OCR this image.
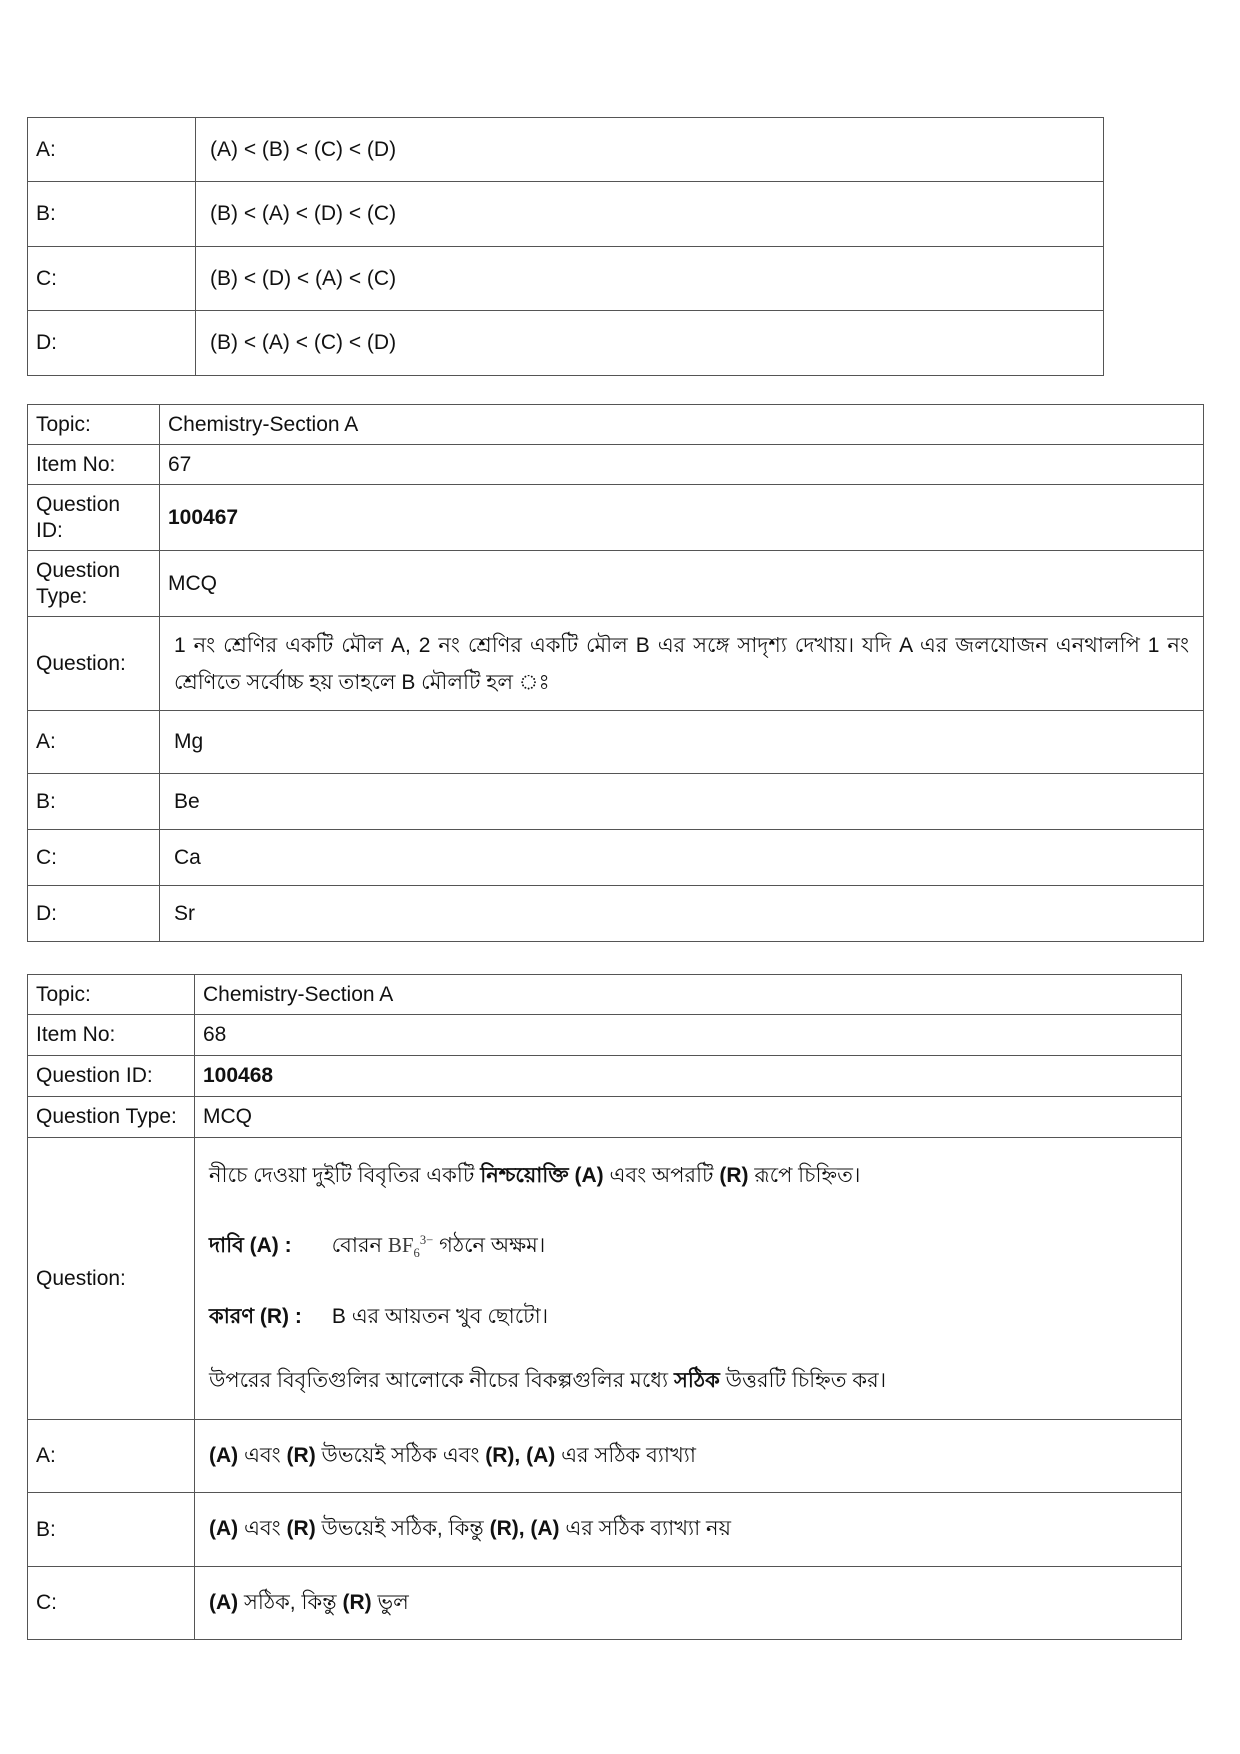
A:	(A) < (B) < (C) < (D)
B:	(B) < (A) < (D) < (C)
C:	(B) < (D) < (A) < (C)
D:	(B) < (A) < (C) < (D)
Topic:	Chemistry-Section A
Item No:	67
Question ID:	100467
Question Type:	MCQ
Question:	1 নং শ্রেণির একটি মৌল A, 2 নং শ্রেণির একটি মৌল B এর সঙ্গে সাদৃশ্য দেখায়। যদি A এর জলযোজন এনথালপি 1 নং শ্রেণিতে সর্বোচ্চ হয় তাহলে B মৌলটি হল ঃ
A:	Mg
B:	Be
C:	Ca
D:	Sr
Topic:	Chemistry-Section A
Item No:	68
Question ID:	100468
Question Type:	MCQ
Question:	নীচে দেওয়া দুইটি বিবৃতির একটি নিশ্চয়োক্তি (A) এবং অপরটি (R) রূপে চিহ্নিত।
দাবি (A) : বোরন $BF_6^{3-}$ গঠনে অক্ষম।
কারণ (R) : B এর আয়তন খুব ছোটো।
উপরের বিবৃতিগুলির আলোকে নীচের বিকল্পগুলির মধ্যে সঠিক উত্তরটি চিহ্নিত কর।

A:	(A) এবং (R) উভয়েই সঠিক এবং (R), (A) এর সঠিক ব্যাখ্যা
B:	(A) এবং (R) উভয়েই সঠিক, কিন্তু (R), (A) এর সঠিক ব্যাখ্যা নয়
C:	(A) সঠিক, কিন্তু (R) ভুল
